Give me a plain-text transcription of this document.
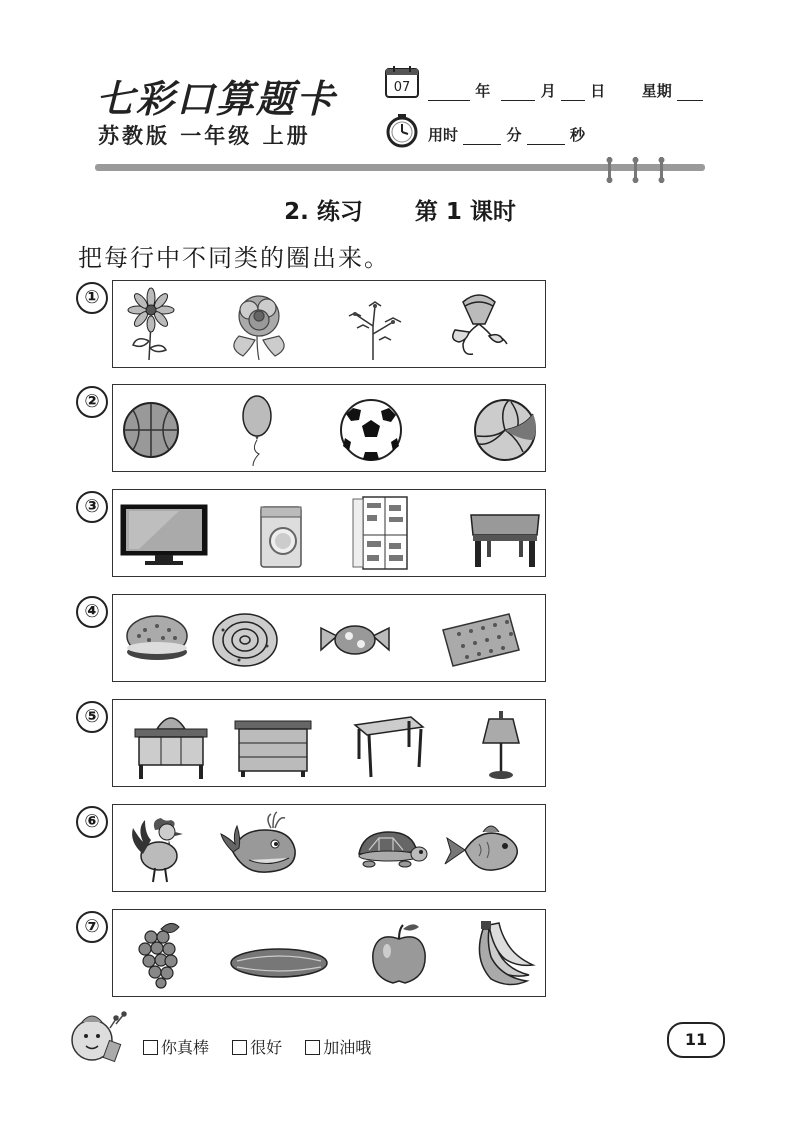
七彩口算题卡
苏教版 一年级 上册
07	年	月 日 星期
用时	分	秒
2. 练习 第 1 课时
把每行中不同类的圈出来。
①
②
③
④
⑤
⑥
⑦
你真棒	很好	加油哦	11
